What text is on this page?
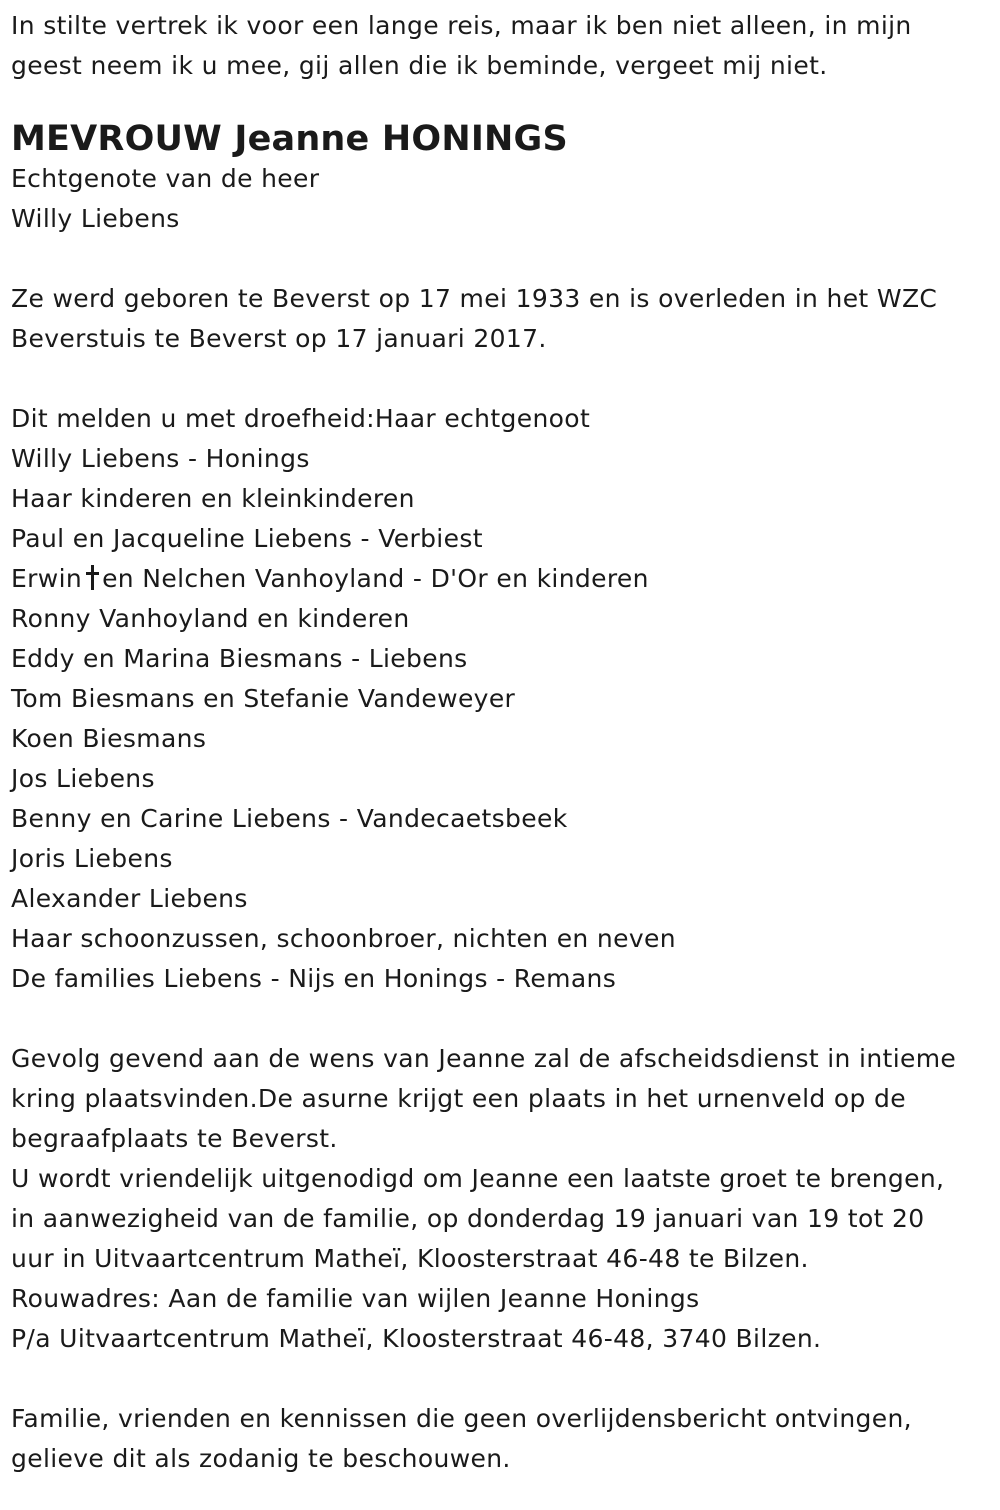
In stilte vertrek ik voor een lange reis, maar ik ben niet alleen, in mijn
geest neem ik u mee, gij allen die ik beminde, vergeet mij niet.
MEVROUW Jeanne HONINGS
Echtgenote van de heer
Willy Liebens
Ze werd geboren te Beverst op 17 mei 1933 en is overleden in het WZC
Beverstuis te Beverst op 17 januari 2017.
Dit melden u met droefheid:Haar echtgenoot
Willy Liebens - Honings
Haar kinderen en kleinkinderen
Paul en Jacqueline Liebens - Verbiest
Erwin en Nelchen Vanhoyland - D'Or en kinderen
Ronny Vanhoyland en kinderen
Eddy en Marina Biesmans - Liebens
Tom Biesmans en Stefanie Vandeweyer
Koen Biesmans
Jos Liebens
Benny en Carine Liebens - Vandecaetsbeek
Joris Liebens
Alexander Liebens
Haar schoonzussen, schoonbroer, nichten en neven
De families Liebens - Nijs en Honings - Remans
Gevolg gevend aan de wens van Jeanne zal de afscheidsdienst in intieme
kring plaatsvinden.De asurne krijgt een plaats in het urnenveld op de
begraafplaats te Beverst.
U wordt vriendelijk uitgenodigd om Jeanne een laatste groet te brengen,
in aanwezigheid van de familie, op donderdag 19 januari van 19 tot 20
uur in Uitvaartcentrum Matheï, Kloosterstraat 46-48 te Bilzen.
Rouwadres: Aan de familie van wijlen Jeanne Honings
P/a Uitvaartcentrum Matheï, Kloosterstraat 46-48, 3740 Bilzen.
Familie, vrienden en kennissen die geen overlijdensbericht ontvingen,
gelieve dit als zodanig te beschouwen.
